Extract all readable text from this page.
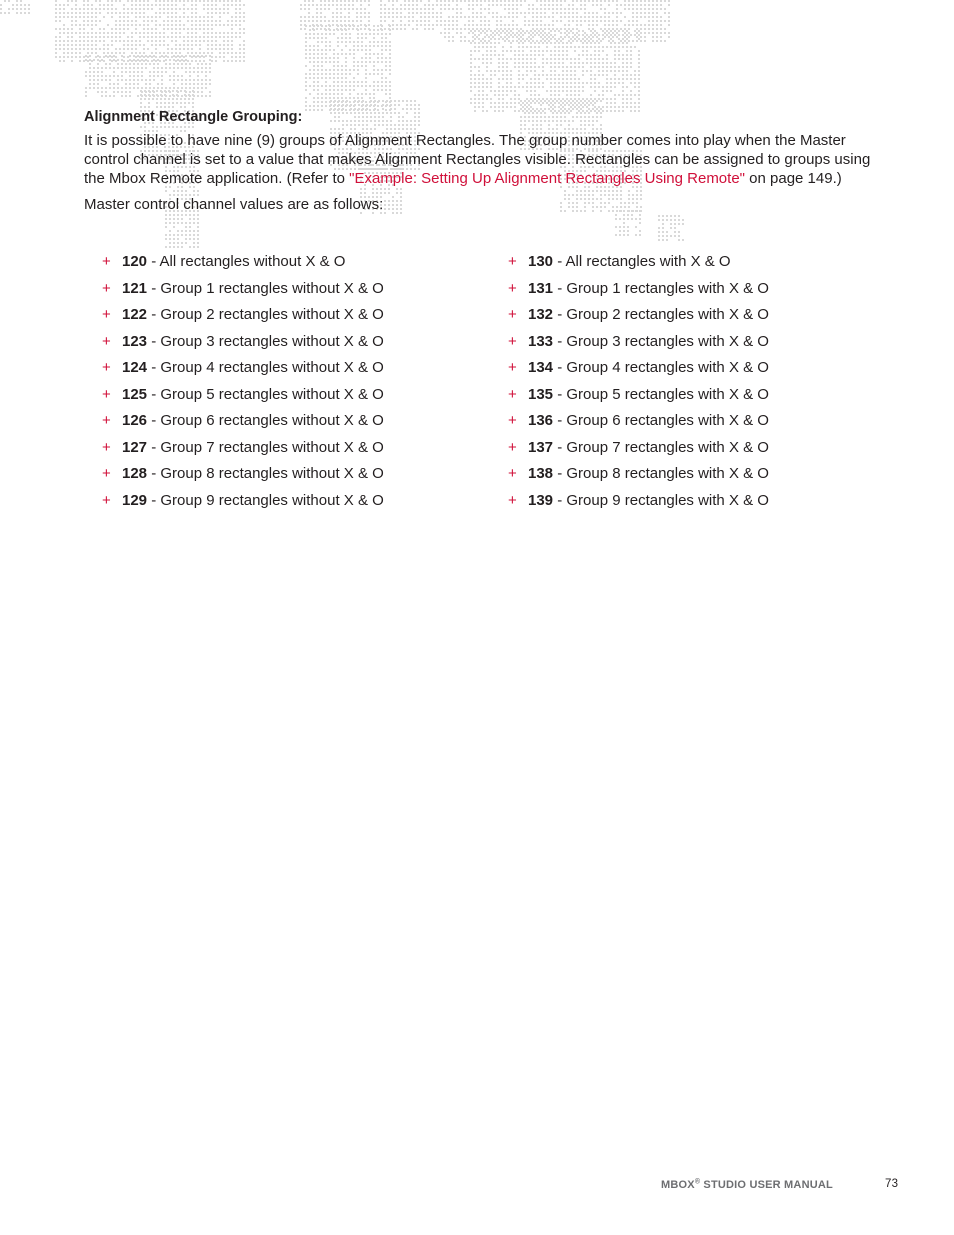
Alignment Rectangle Grouping:

It is possible to have nine (9) groups of Alignment Rectangles. The group number comes into play when the Master control channel is set to a value that makes Alignment Rectangles visible. Rectangles can be assigned to groups using the Mbox Remote application. (Refer to "Example: Setting Up Alignment Rectangles Using Remote" on page 149.)

Master control channel values are as follows:

+ 120 - All rectangles without X & O
+ 121 - Group 1 rectangles without X & O
+ 122 - Group 2 rectangles without X & O
+ 123 - Group 3 rectangles without X & O
+ 124 - Group 4 rectangles without X & O
+ 125 - Group 5 rectangles without X & O
+ 126 - Group 6 rectangles without X & O
+ 127 - Group 7 rectangles without X & O
+ 128 - Group 8 rectangles without X & O
+ 129 - Group 9 rectangles without X & O
+ 130 - All rectangles with X & O
+ 131 - Group 1 rectangles with X & O
+ 132 - Group 2 rectangles with X & O
+ 133 - Group 3 rectangles with X & O
+ 134 - Group 4 rectangles with X & O
+ 135 - Group 5 rectangles with X & O
+ 136 - Group 6 rectangles with X & O
+ 137 - Group 7 rectangles with X & O
+ 138 - Group 8 rectangles with X & O
+ 139 - Group 9 rectangles with X & O
MBOX® STUDIO USER MANUAL	73
